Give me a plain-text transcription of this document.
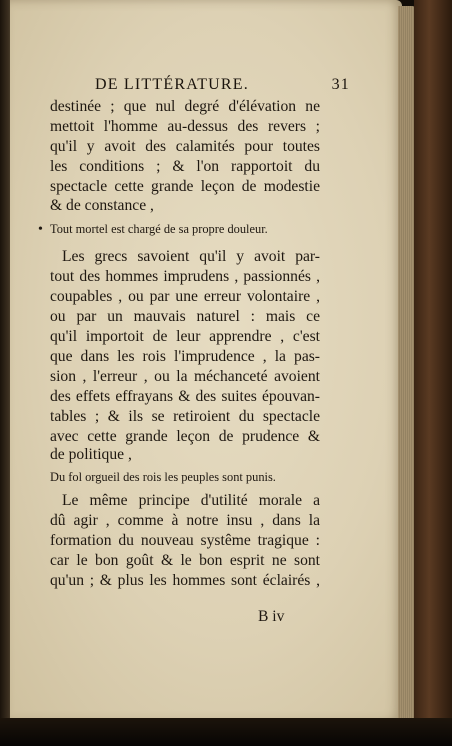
DE LITTÉRATURE.	31
destinée ; que nul degré d'élévation ne
mettoit l'homme au-dessus des revers ;
qu'il y avoit des calamités pour toutes
les conditions ; & l'on rapportoit du
spectacle cette grande leçon de modestie
& de constance ,
• Tout mortel est chargé de sa propre douleur.
Les grecs savoient qu'il y avoit par-
tout des hommes imprudens , passionnés ,
coupables , ou par une erreur volontaire ,
ou par un mauvais naturel : mais ce
qu'il importoit de leur apprendre , c'est
que dans les rois l'imprudence , la pas-
sion , l'erreur , ou la méchanceté avoient
des effets effrayans & des suites épouvan-
tables ; & ils se retiroient du spectacle
avec cette grande leçon de prudence &
de politique ,
Du fol orgueil des rois les peuples sont punis.
Le même principe d'utilité morale a
dû agir , comme à notre insu , dans la
formation du nouveau systême tragique :
car le bon goût & le bon esprit ne sont
qu'un ; & plus les hommes sont éclairés ,
B iv
